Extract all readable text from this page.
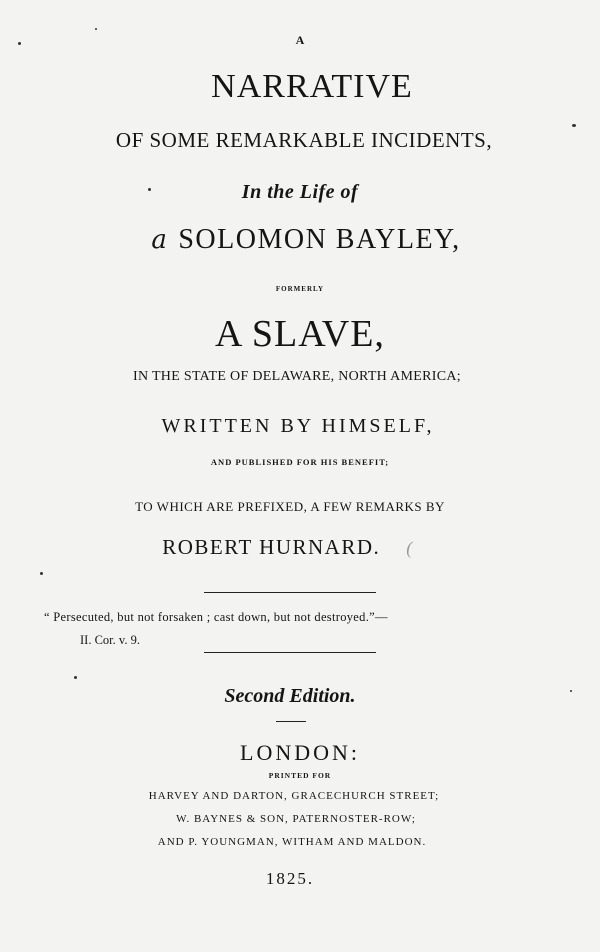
A
NARRATIVE
OF SOME REMARKABLE INCIDENTS,
In the Life of
a SOLOMON BAYLEY,
FORMERLY
A SLAVE,
IN THE STATE OF DELAWARE, NORTH AMERICA;
WRITTEN BY HIMSELF,
AND PUBLISHED FOR HIS BENEFIT;
TO WHICH ARE PREFIXED, A FEW REMARKS BY
ROBERT HURNARD. (
“ Persecuted, but not forsaken ; cast down, but not destroyed.”—
II. Cor. v. 9.
Second Edition.
LONDON:
PRINTED FOR
HARVEY AND DARTON, GRACECHURCH STREET;
W. BAYNES & SON, PATERNOSTER-ROW;
AND P. YOUNGMAN, WITHAM AND MALDON.
1825.
